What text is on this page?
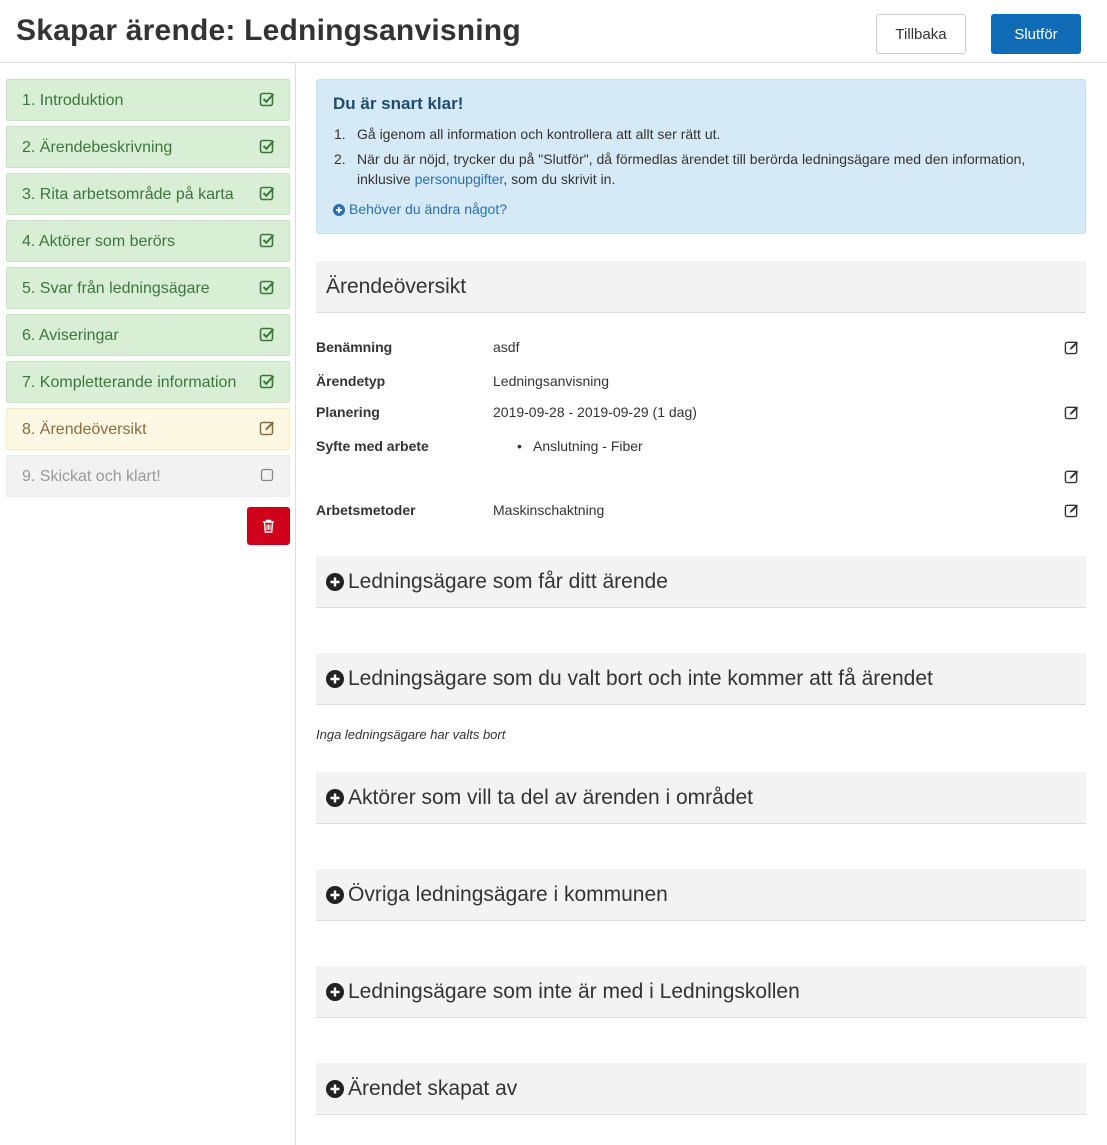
Skapar ärende: Ledningsanvisning	Tillbaka	Slutför
1. Introduktion
2. Ärendebeskrivning
3. Rita arbetsområde på karta
4. Aktörer som berörs
5. Svar från ledningsägare
6. Aviseringar
7. Kompletterande information
8. Ärendeöversikt
9. Skickat och klart!
Du är snart klar!
1. Gå igenom all information och kontrollera att allt ser rätt ut.
2. När du är nöjd, trycker du på "Slutför", då förmedlas ärendet till berörda ledningsägare med den information, inklusive personupgifter, som du skrivit in.
Behöver du ändra något?
Ärendeöversikt
Benämning	asdf
Ärendetyp	Ledningsanvisning
Planering	2019-09-28 - 2019-09-29 (1 dag)
Syfte med arbete
•	Anslutning - Fiber
Arbetsmetoder	Maskinschaktning
Ledningsägare som får ditt ärende
Ledningsägare som du valt bort och inte kommer att få ärendet
Inga ledningsägare har valts bort
Aktörer som vill ta del av ärenden i området
Övriga ledningsägare i kommunen
Ledningsägare som inte är med i Ledningskollen
Ärendet skapat av
